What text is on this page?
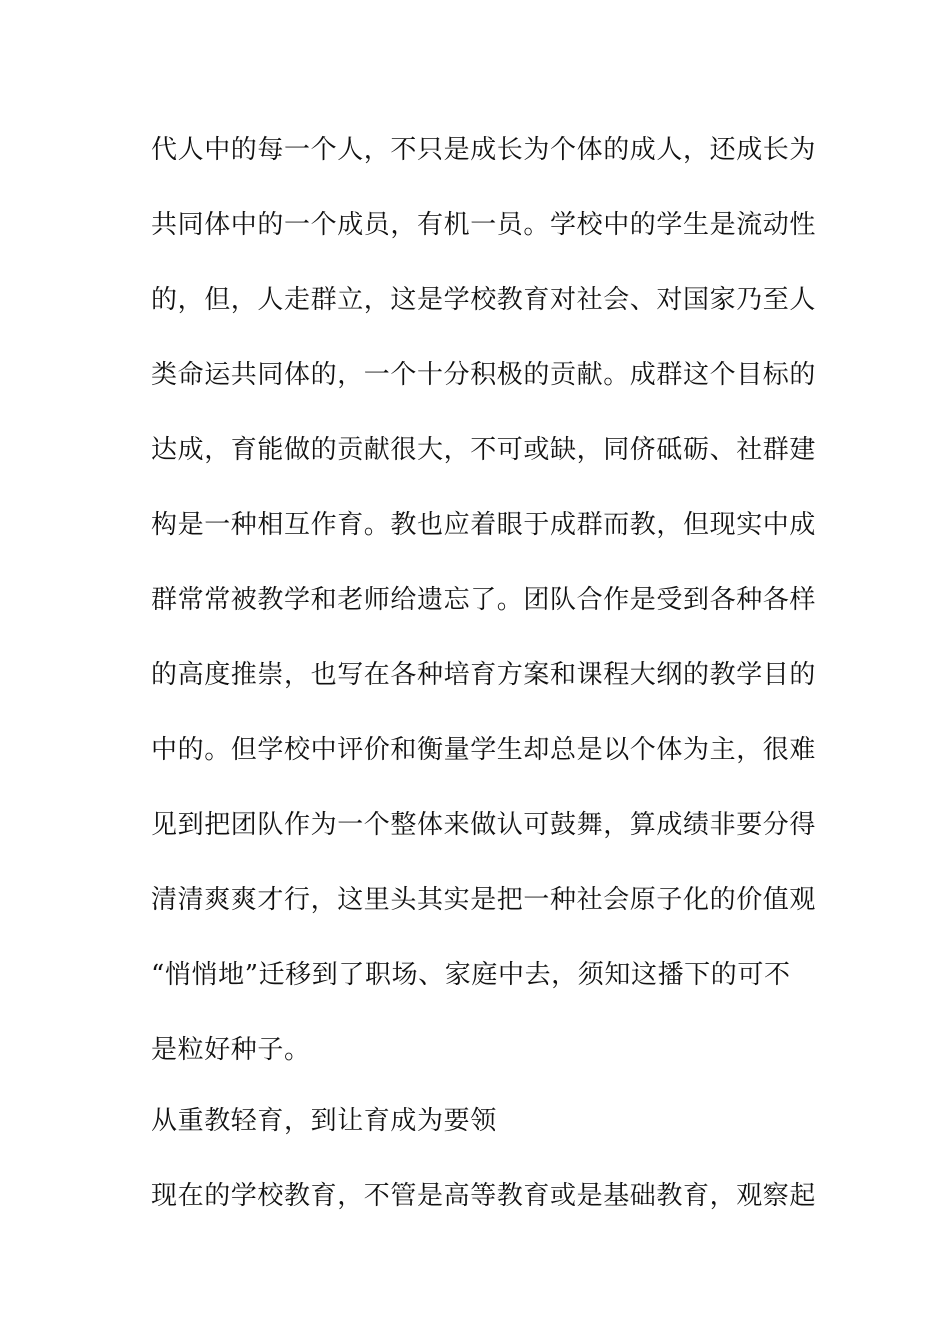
代人中的每一个人，不只是成长为个体的成人，还成长为
共同体中的一个成员，有机一员。学校中的学生是流动性
的，但，人走群立，这是学校教育对社会、对国家乃至人
类命运共同体的，一个十分积极的贡献。成群这个目标的
达成，育能做的贡献很大，不可或缺，同侪砥砺、社群建
构是一种相互作育。教也应着眼于成群而教，但现实中成
群常常被教学和老师给遗忘了。团队合作是受到各种各样
的高度推崇，也写在各种培育方案和课程大纲的教学目的
中的。但学校中评价和衡量学生却总是以个体为主，很难
见到把团队作为一个整体来做认可鼓舞，算成绩非要分得
清清爽爽才行，这里头其实是把一种社会原子化的价值观
“悄悄地”迁移到了职场、家庭中去，须知这播下的可不
是粒好种子。
从重教轻育，到让育成为要领
现在的学校教育，不管是高等教育或是基础教育，观察起
